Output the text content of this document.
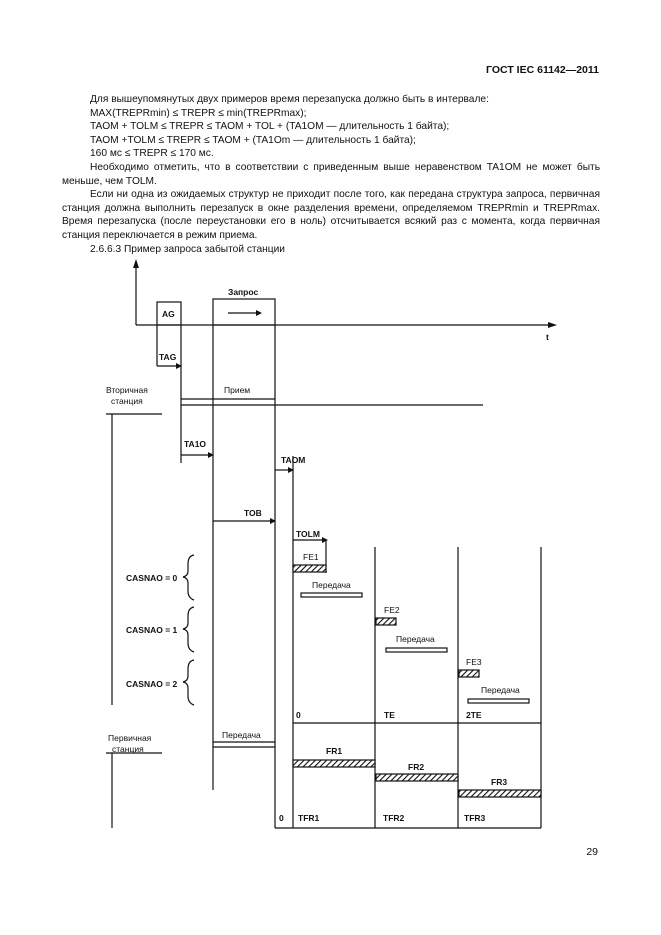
ГОСТ IEC 61142—2011

Для вышеупомянутых двух примеров время перезапуска должно быть в интервале:

MAX(TREPRmin) ≤ TREPR ≤ min(TREPRmax);

TAOM + TOLM ≤ TREPR ≤ TAOM + TOL + (TA1OM — длительность 1 байта);

TAOM +TOLM ≤ TREPR ≤ TAOM + (TA1Om — длительность 1 байта);

160 мс ≤ TREPR ≤ 170 мс.

Необходимо отметить, что в соответствии с приведенным выше неравенством TA1OM не может быть меньше, чем TOLM.

Если ни одна из ожидаемых структур не приходит после того, как передана структура запроса, первичная станция должна выполнить перезапуск в окне разделения времени, определяемом TREPRmin и TREPRmax. Время перезапуска (после переустановки его в ноль) отсчитывается всякий раз с момента, когда первичная станция переключается в режим приема.

2.6.6.3 Пример запроса забытой станции

AG
Запрос
t
TAG
Вторичная
станция
Прием
TA1O
TAOM
TOB
TOLM
FE1
Передача
FE2
Передача
FE3
Передача
CASNAO = 0
CASNAO = 1
CASNAO = 2
0	TE	2TE
Первичная
станция
Передача
FR1
FR2
FR3
0 TFR1	TFR2	TFR3
29
